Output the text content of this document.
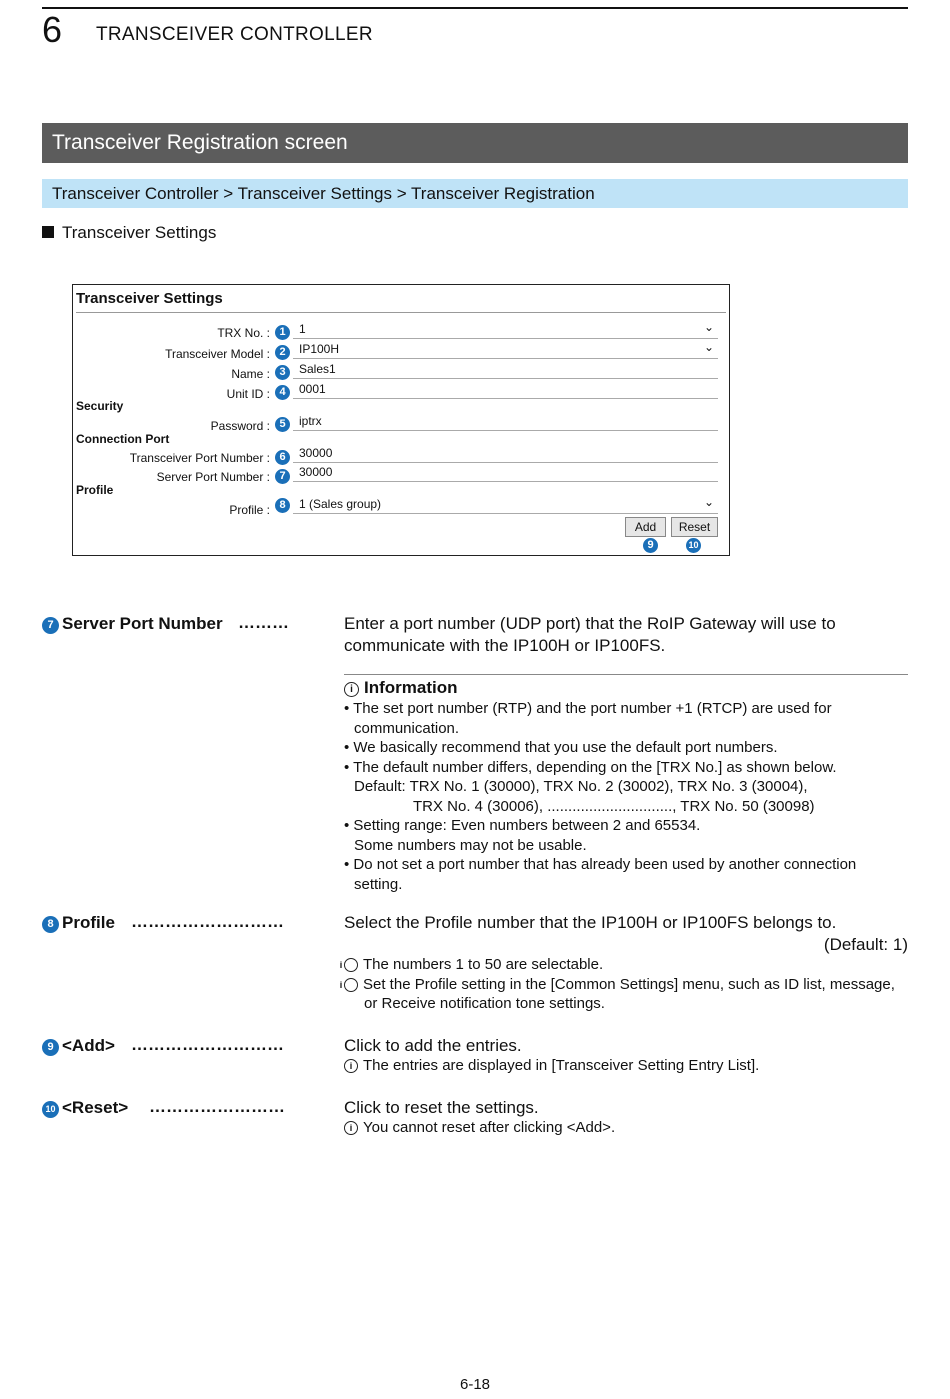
6 TRANSCEIVER CONTROLLER
Transceiver Registration screen
Transceiver Controller > Transceiver Settings > Transceiver Registration
Transceiver Settings
Transceiver Settings
Security
Connection Port
Profile
TRX No. : 1	1	⌄
Transceiver Model : 2	IP100H	⌄
Name : 3	Sales1
Unit ID : 4	0001
Password : 5	iptrx
Transceiver Port Number : 6	30000
Server Port Number : 7	30000
Profile : 8	1 (Sales group)	⌄
Add	Reset
9	10
7 Server Port Number ………	Enter a port number (UDP port) that the RoIP Gateway will use to communicate with the IP100H or IP100FS.
i Information
• The set port number (RTP) and the port number +1 (RTCP) are used for communication.
• We basically recommend that you use the default port numbers.
• The default number differs, depending on the [TRX No.] as shown below.
Default: TRX No. 1 (30000), TRX No. 2 (30002), TRX No. 3 (30004),
TRX No. 4 (30006), .............................., TRX No. 50 (30098)
• Setting range: Even numbers between 2 and 65534.
Some numbers may not be usable.
• Do not set a port number that has already been used by another connection setting.
8 Profile ………………………	Select the Profile number that the IP100H or IP100FS belongs to.
(Default: 1)
i The numbers 1 to 50 are selectable.
i Set the Profile setting in the [Common Settings] menu, such as ID list, message, or Receive notification tone settings.
9 <Add> ………………………	Click to add the entries.
i The entries are displayed in [Transceiver Setting Entry List].
10 <Reset> ……………………	Click to reset the settings.
i You cannot reset after clicking <Add>.
6-18
